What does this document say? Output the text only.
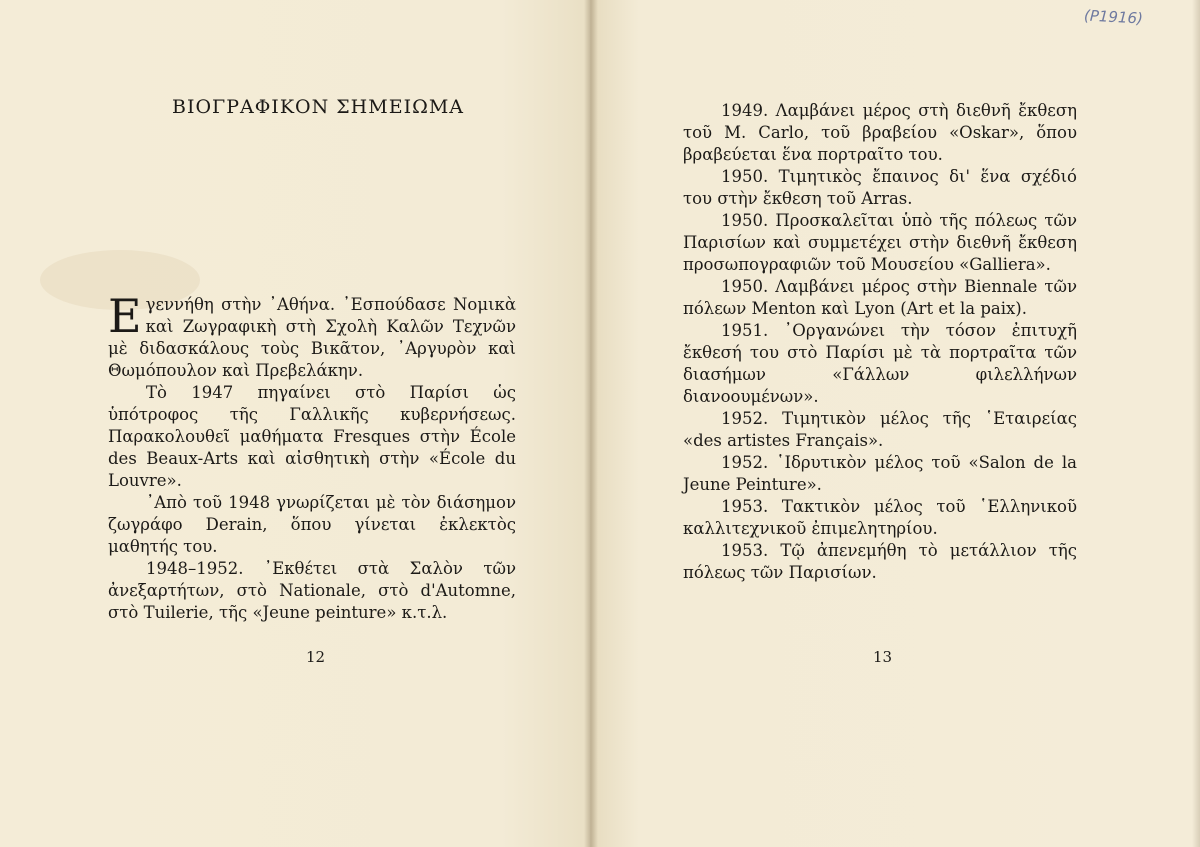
ΒΙΟΓΡΑΦΙΚΟΝ ΣΗΜΕΙΩΜΑ

Εγεννήθη στὴν ᾿Αθήνα. ᾿Εσπούδασε Νομικὰ καὶ Ζωγραφικὴ στὴ Σχολὴ Καλῶν Τεχνῶν μὲ διδασκάλους τοὺς Βικᾶτον, ᾿Αργυρὸν καὶ Θωμόπουλον καὶ Πρεβελάκην.

Τὸ 1947 πηγαίνει στὸ Παρίσι ὡς ὑπότροφος τῆς Γαλλικῆς κυβερνήσεως. Παρακολουθεῖ μαθήματα Fresques στὴν École des Beaux-Arts καὶ αἰσθητικὴ στὴν «École du Louvre».

᾿Απὸ τοῦ 1948 γνωρίζεται μὲ τὸν διάσημον ζωγράφο Derain, ὅπου γίνεται ἐκλεκτὸς μαθητής του.

1948–1952. ᾿Εκθέτει στὰ Σαλὸν τῶν ἀνεξαρτήτων, στὸ Nationale, στὸ d'Automne, στὸ Tuilerie, τῆς «Jeune peinture» κ.τ.λ.

12
(P1916)

1949. Λαμβάνει μέρος στὴ διεθνῆ ἔκθεση τοῦ M. Carlo, τοῦ βραβείου «Oskar», ὅπου βραβεύεται ἕνα πορτραῖτο του.

1950. Τιμητικὸς ἔπαινος δι' ἕνα σχέδιό του στὴν ἔκθεση τοῦ Arras.

1950. Προσκαλεῖται ὑπὸ τῆς πόλεως τῶν Παρισίων καὶ συμμετέχει στὴν διεθνῆ ἔκθεση προσωπογραφιῶν τοῦ Μουσείου «Galliera».

1950. Λαμβάνει μέρος στὴν Biennale τῶν πόλεων Menton καὶ Lyon (Art et la paix).

1951. ᾿Οργανώνει τὴν τόσον ἐπιτυχῆ ἔκθεσή του στὸ Παρίσι μὲ τὰ πορτραῖτα τῶν διασήμων «Γάλλων φιλελλήνων διανοουμένων».

1952. Τιμητικὸν μέλος τῆς ῾Εταιρείας «des artistes Français».

1952. ῾Ιδρυτικὸν μέλος τοῦ «Salon de la Jeune Peinture».

1953. Τακτικὸν μέλος τοῦ ῾Ελληνικοῦ καλλιτεχνικοῦ ἐπιμελητηρίου.

1953. Τῷ ἀπενεμήθη τὸ μετάλλιον τῆς πόλεως τῶν Παρισίων.

13
